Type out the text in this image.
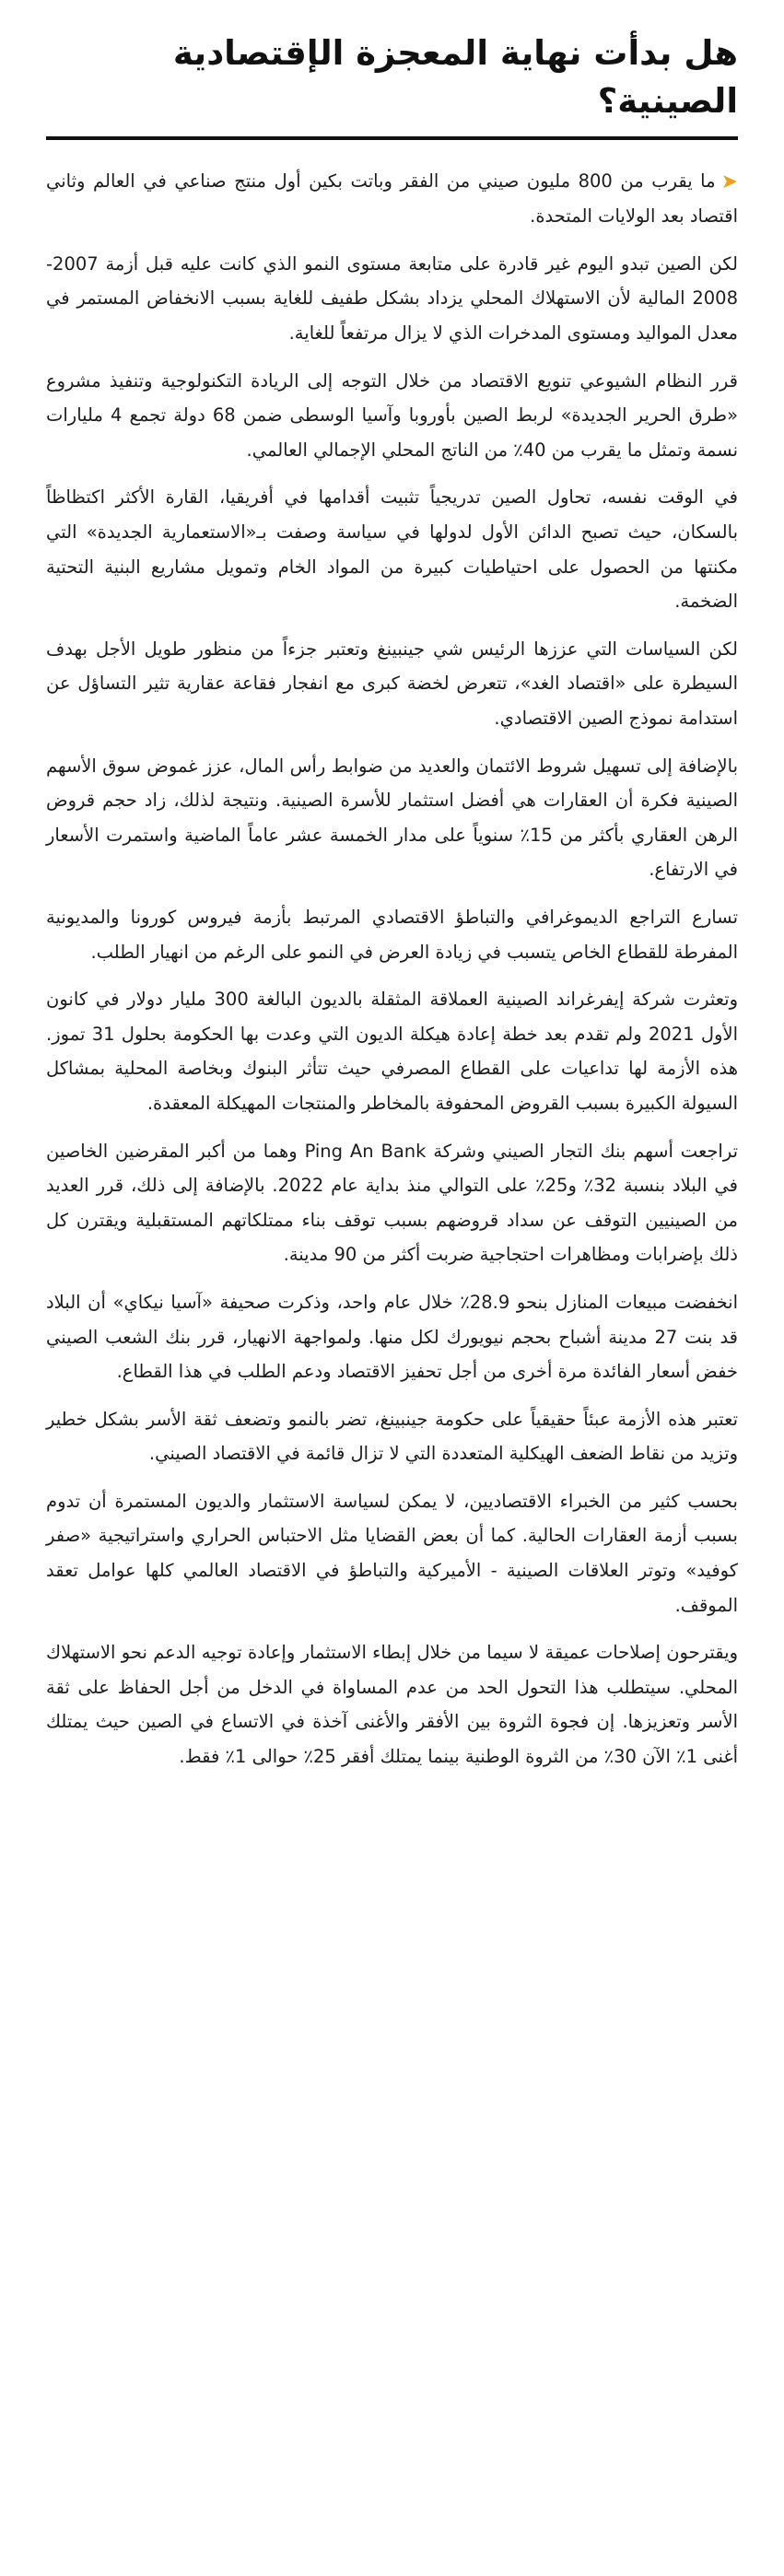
هل بدأت نهاية المعجزة الإقتصادية الصينية؟

➤ما يقرب من 800 مليون صيني من الفقر وباتت بكين أول منتج صناعي في العالم وثاني اقتصاد بعد الولايات المتحدة.

لكن الصين تبدو اليوم غير قادرة على متابعة مستوى النمو الذي كانت عليه قبل أزمة 2007-2008 المالية لأن الاستهلاك المحلي يزداد بشكل طفيف للغاية بسبب الانخفاض المستمر في معدل المواليد ومستوى المدخرات الذي لا يزال مرتفعاً للغاية.

قرر النظام الشيوعي تنويع الاقتصاد من خلال التوجه إلى الريادة التكنولوجية وتنفيذ مشروع «طرق الحرير الجديدة» لربط الصين بأوروبا وآسيا الوسطى ضمن 68 دولة تجمع 4 مليارات نسمة وتمثل ما يقرب من 40٪ من الناتج المحلي الإجمالي العالمي.

في الوقت نفسه، تحاول الصين تدريجياً تثبيت أقدامها في أفريقيا، القارة الأكثر اكتظاظاً بالسكان، حيث تصبح الدائن الأول لدولها في سياسة وصفت بـ«الاستعمارية الجديدة» التي مكنتها من الحصول على احتياطيات كبيرة من المواد الخام وتمويل مشاريع البنية التحتية الضخمة.

لكن السياسات التي عززها الرئيس شي جينبينغ وتعتبر جزءاً من منظور طويل الأجل بهدف السيطرة على «اقتصاد الغد»، تتعرض لخضة كبرى مع انفجار فقاعة عقارية تثير التساؤل عن استدامة نموذج الصين الاقتصادي.

بالإضافة إلى تسهيل شروط الائتمان والعديد من ضوابط رأس المال، عزز غموض سوق الأسهم الصينية فكرة أن العقارات هي أفضل استثمار للأسرة الصينية. ونتيجة لذلك، زاد حجم قروض الرهن العقاري بأكثر من 15٪ سنوياً على مدار الخمسة عشر عاماً الماضية واستمرت الأسعار في الارتفاع.

تسارع التراجع الديموغرافي والتباطؤ الاقتصادي المرتبط بأزمة فيروس كورونا والمديونية المفرطة للقطاع الخاص يتسبب في زيادة العرض في النمو على الرغم من انهيار الطلب.

وتعثرت شركة إيفرغراند الصينية العملاقة المثقلة بالديون البالغة 300 مليار دولار في كانون الأول 2021 ولم تقدم بعد خطة إعادة هيكلة الديون التي وعدت بها الحكومة بحلول 31 تموز. هذه الأزمة لها تداعيات على القطاع المصرفي حيث تتأثر البنوك وبخاصة المحلية بمشاكل السيولة الكبيرة بسبب القروض المحفوفة بالمخاطر والمنتجات المهيكلة المعقدة.

تراجعت أسهم بنك التجار الصيني وشركة Ping An Bank وهما من أكبر المقرضين الخاصين في البلاد بنسبة 32٪ و25٪ على التوالي منذ بداية عام 2022. بالإضافة إلى ذلك، قرر العديد من الصينيين التوقف عن سداد قروضهم بسبب توقف بناء ممتلكاتهم المستقبلية ويقترن كل ذلك بإضرابات ومظاهرات احتجاجية ضربت أكثر من 90 مدينة.

انخفضت مبيعات المنازل بنحو 28.9٪ خلال عام واحد، وذكرت صحيفة «آسيا نيكاي» أن البلاد قد بنت 27 مدينة أشباح بحجم نيويورك لكل منها. ولمواجهة الانهيار، قرر بنك الشعب الصيني خفض أسعار الفائدة مرة أخرى من أجل تحفيز الاقتصاد ودعم الطلب في هذا القطاع.

تعتبر هذه الأزمة عبئاً حقيقياً على حكومة جينبينغ، تضر بالنمو وتضعف ثقة الأسر بشكل خطير وتزيد من نقاط الضعف الهيكلية المتعددة التي لا تزال قائمة في الاقتصاد الصيني.

بحسب كثير من الخبراء الاقتصاديين، لا يمكن لسياسة الاستثمار والديون المستمرة أن تدوم بسبب أزمة العقارات الحالية. كما أن بعض القضايا مثل الاحتباس الحراري واستراتيجية «صفر كوفيد» وتوتر العلاقات الصينية - الأميركية والتباطؤ في الاقتصاد العالمي كلها عوامل تعقد الموقف.

ويقترحون إصلاحات عميقة لا سيما من خلال إبطاء الاستثمار وإعادة توجيه الدعم نحو الاستهلاك المحلي. سيتطلب هذا التحول الحد من عدم المساواة في الدخل من أجل الحفاظ على ثقة الأسر وتعزيزها. إن فجوة الثروة بين الأفقر والأغنى آخذة في الاتساع في الصين حيث يمتلك أغنى 1٪ الآن 30٪ من الثروة الوطنية بينما يمتلك أفقر 25٪ حوالى 1٪ فقط.
